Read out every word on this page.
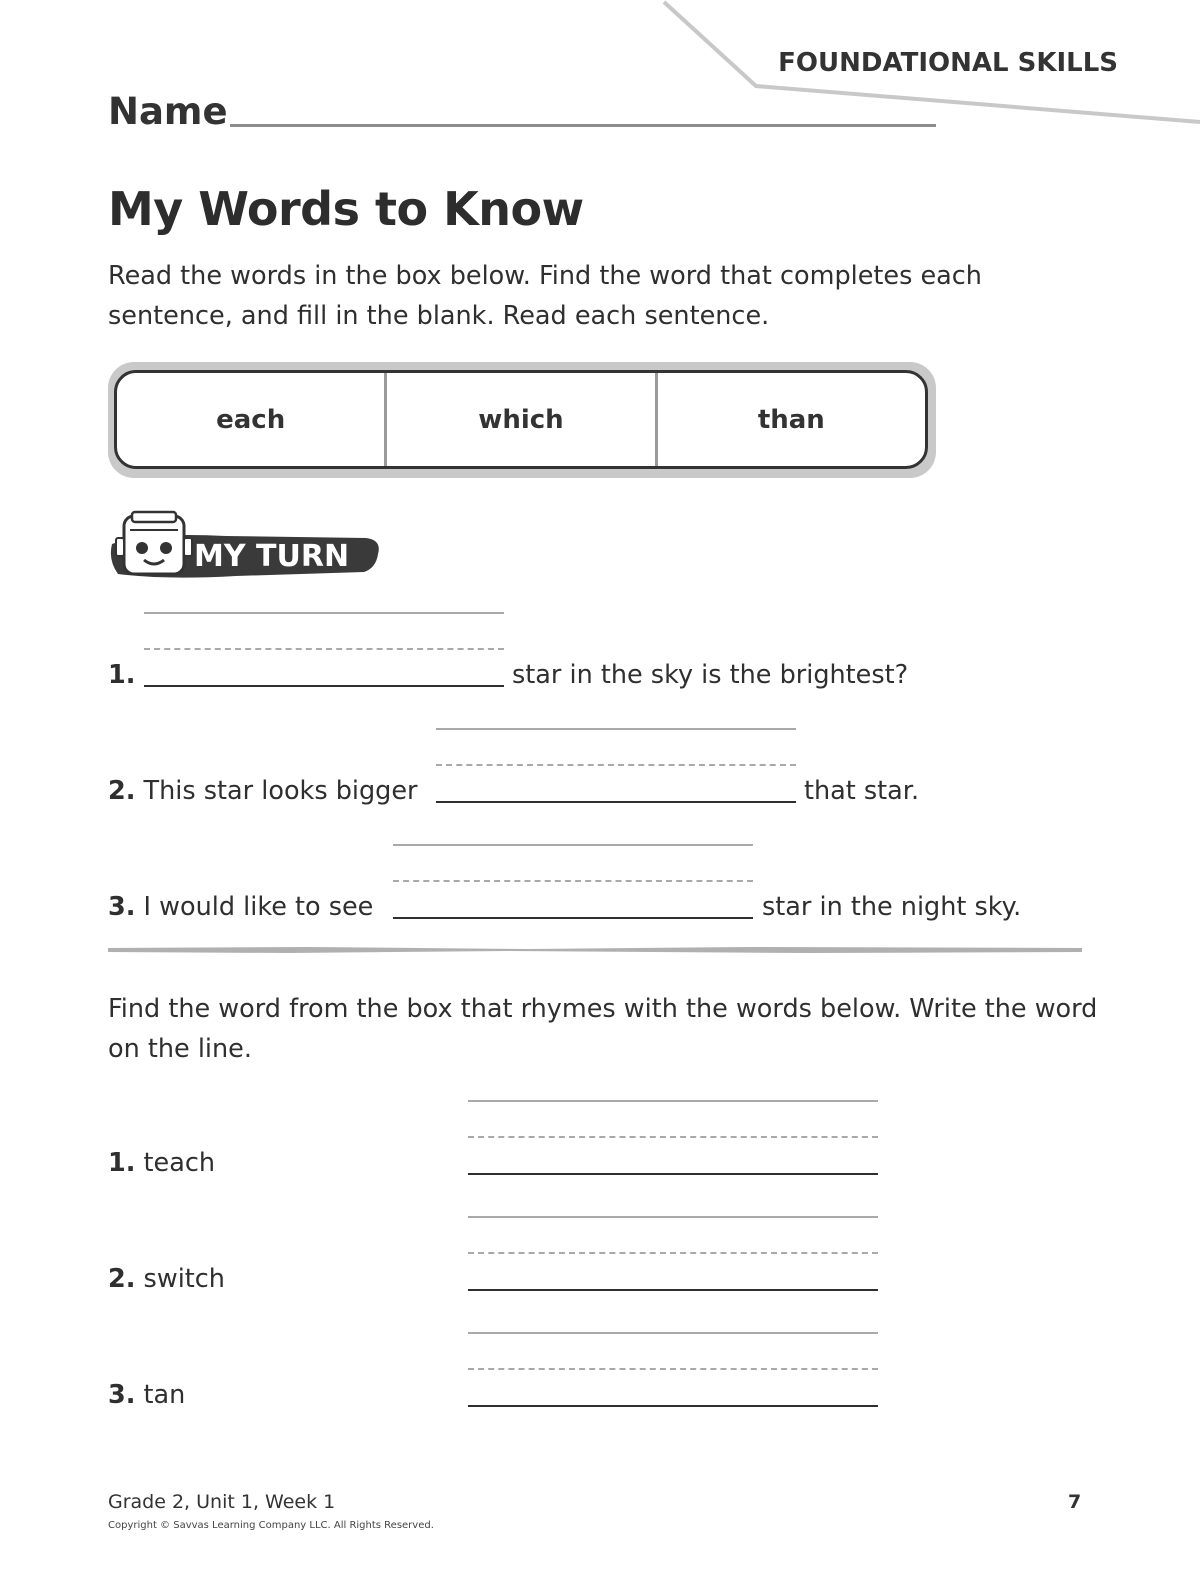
FOUNDATIONAL SKILLS
Name
My Words to Know
Read the words in the box below. Find the word that completes each sentence, and fill in the blank. Read each sentence.
each	which	than
MY TURN
1.	star in the sky is the brightest?
2. This star looks bigger	that star.
3. I would like to see	star in the night sky.
Find the word from the box that rhymes with the words below. Write the word on the line.
1. teach
2. switch
3. tan
Grade 2, Unit 1, Week 1
Copyright © Savvas Learning Company LLC. All Rights Reserved.
7
